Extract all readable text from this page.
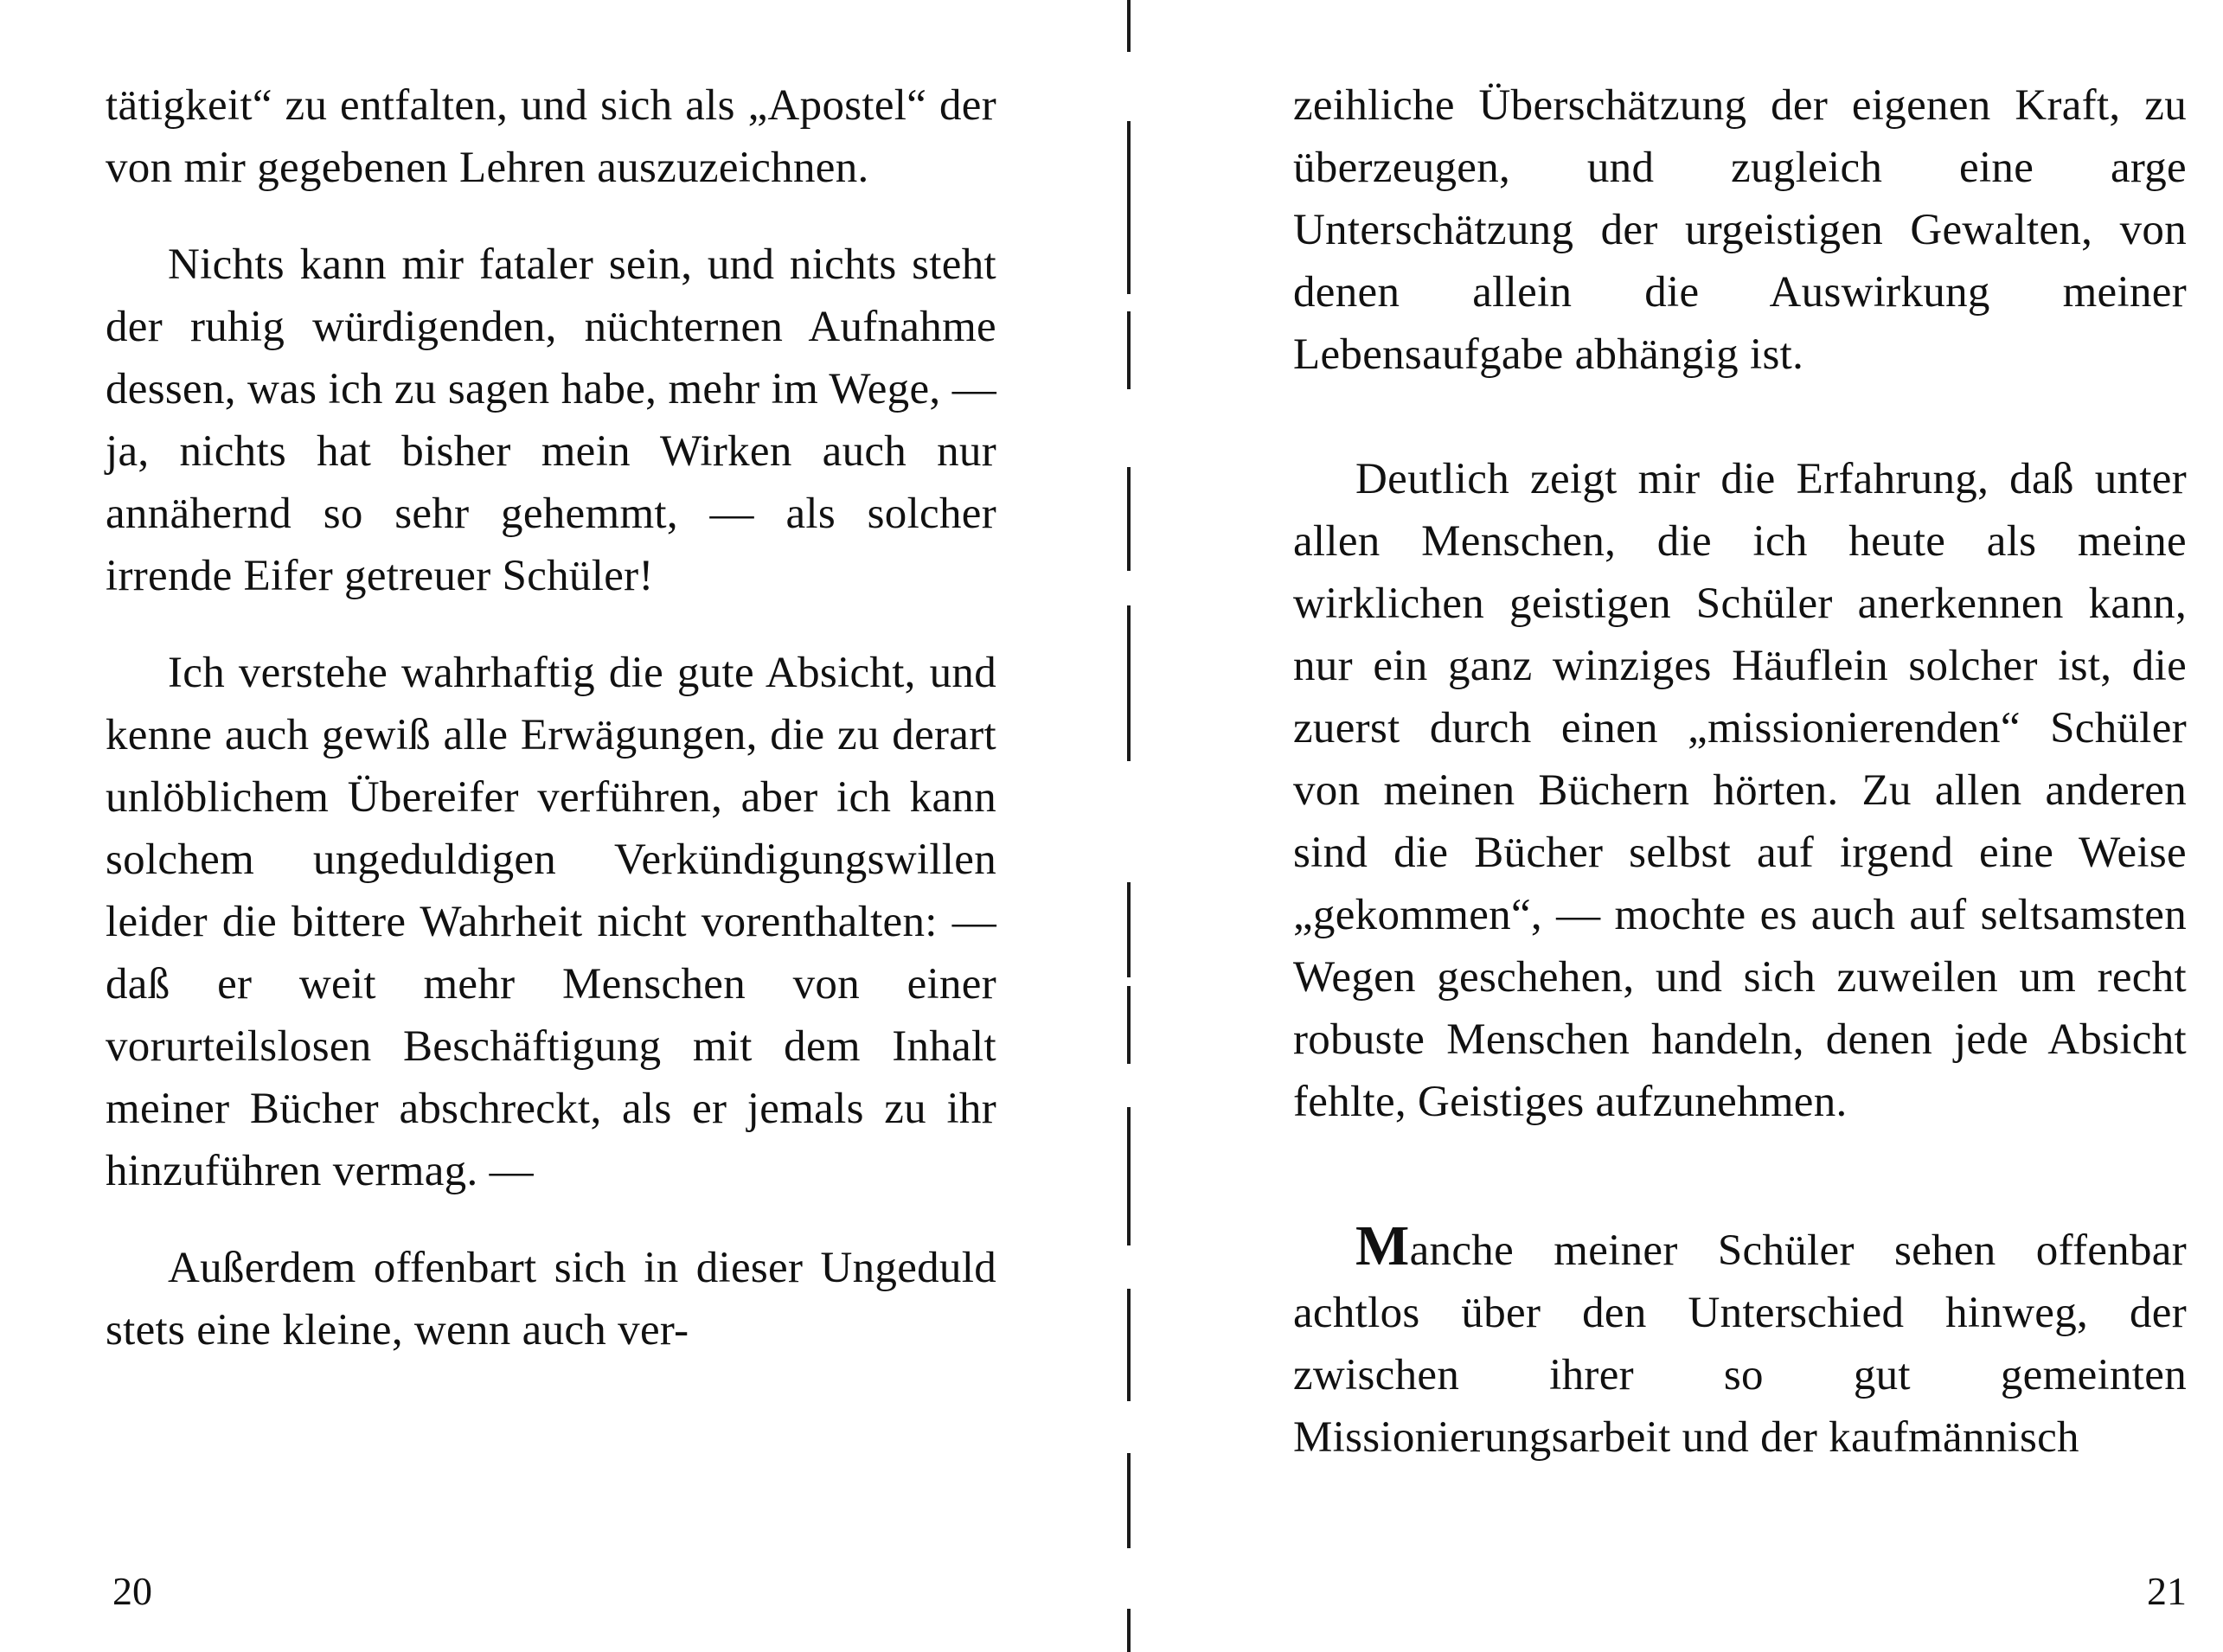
tätigkeit“ zu entfalten, und sich als „Apostel“ der von mir gegebenen Lehren auszuzeichnen.

Nichts kann mir fataler sein, und nichts steht der ruhig würdigenden, nüchternen Aufnahme dessen, was ich zu sagen habe, mehr im Wege, — ja, nichts hat bisher mein Wirken auch nur annähernd so sehr gehemmt, — als solcher irrende Eifer getreuer Schüler!

Ich verstehe wahrhaftig die gute Absicht, und kenne auch gewiß alle Erwägungen, die zu derart unlöblichem Übereifer verführen, aber ich kann solchem ungeduldigen Verkündigungswillen leider die bittere Wahrheit nicht vorenthalten: — daß er weit mehr Menschen von einer vorurteilslosen Beschäftigung mit dem Inhalt meiner Bücher abschreckt, als er jemals zu ihr hinzuführen vermag. —

Außerdem offenbart sich in dieser Ungeduld stets eine kleine, wenn auch ver-

20

zeihliche Überschätzung der eigenen Kraft, zu überzeugen, und zugleich eine arge Unterschätzung der urgeistigen Gewalten, von denen allein die Auswirkung meiner Lebensaufgabe abhängig ist.

Deutlich zeigt mir die Erfahrung, daß unter allen Menschen, die ich heute als meine wirklichen geistigen Schüler anerkennen kann, nur ein ganz winziges Häuflein solcher ist, die zuerst durch einen „missionierenden“ Schüler von meinen Büchern hörten. Zu allen anderen sind die Bücher selbst auf irgend eine Weise „gekommen“, — mochte es auch auf seltsamsten Wegen geschehen, und sich zuweilen um recht robuste Menschen handeln, denen jede Absicht fehlte, Geistiges aufzunehmen.

Manche meiner Schüler sehen offenbar achtlos über den Unterschied hinweg, der zwischen ihrer so gut gemeinten Missionierungsarbeit und der kaufmännisch

21
